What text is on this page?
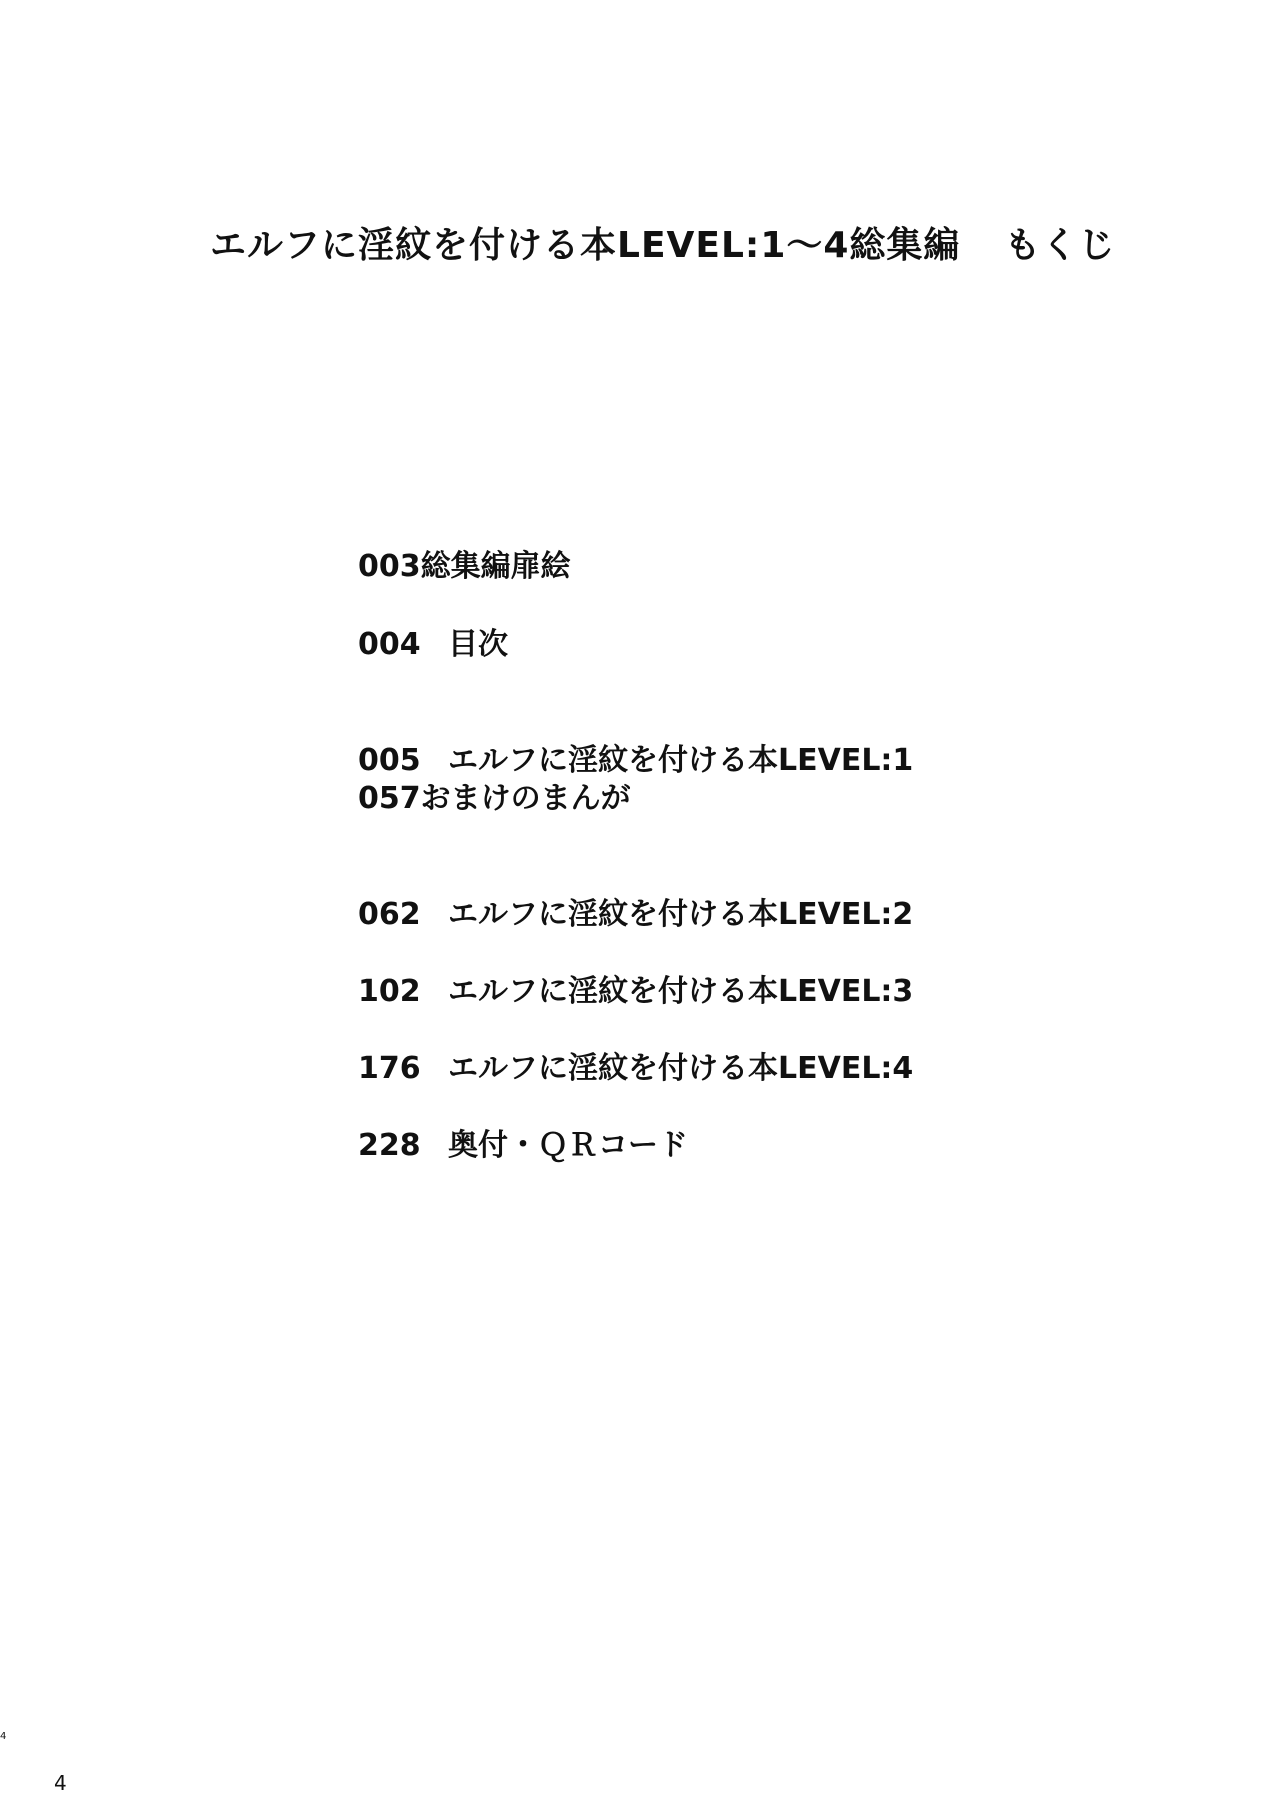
エルフに淫紋を付ける本LEVEL:1～4総集編 もくじ
003総集編扉絵
004 目次
005 エルフに淫紋を付ける本LEVEL:1
057おまけのまんが
062 エルフに淫紋を付ける本LEVEL:2
102 エルフに淫紋を付ける本LEVEL:3
176 エルフに淫紋を付ける本LEVEL:4
228 奥付・ＱＲコード
4
4
